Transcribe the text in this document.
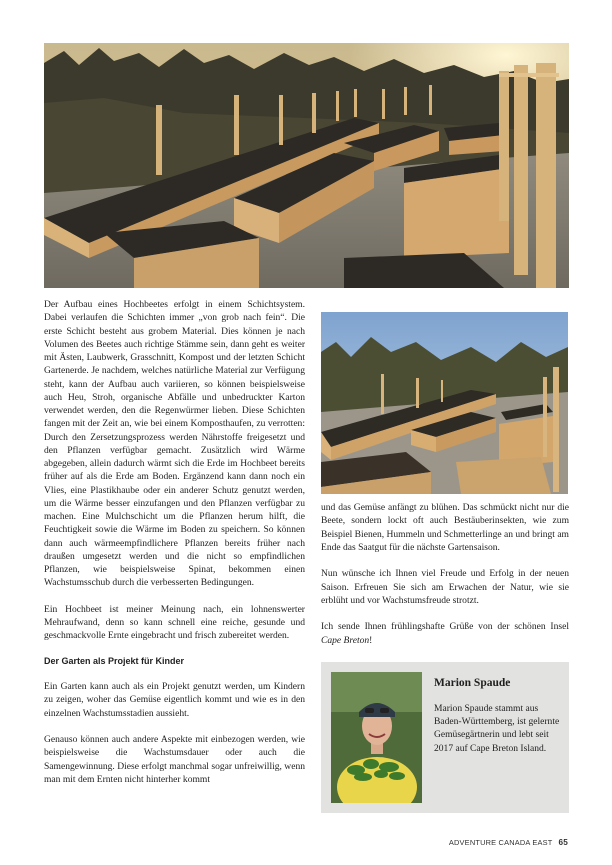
Der Aufbau eines Hochbeetes erfolgt in einem Schichtsystem. Dabei verlaufen die Schichten immer „von grob nach fein“. Die erste Schicht besteht aus grobem Material. Dies können je nach Volumen des Beetes auch richtige Stämme sein, dann geht es weiter mit Ästen, Laubwerk, Grasschnitt, Kompost und der letzten Schicht Gartenerde. Je nachdem, welches natürliche Material zur Verfügung steht, kann der Aufbau auch variieren, so können beispielsweise auch Heu, Stroh, organische Abfälle und unbedruckter Karton verwendet werden, den die Regenwürmer lieben. Diese Schichten fangen mit der Zeit an, wie bei einem Komposthaufen, zu verrotten: Durch den Zersetzungsprozess werden Nährstoffe freigesetzt und den Pflanzen verfügbar gemacht. Zusätzlich wird Wärme abgegeben, allein dadurch wärmt sich die Erde im Hochbeet bereits früher auf als die Erde am Boden. Ergänzend kann dann noch ein Vlies, eine Plastikhaube oder ein anderer Schutz genutzt werden, um die Wärme besser einzufangen und den Pflanzen verfügbar zu machen. Eine Mulchschicht um die Pflanzen herum hilft, die Feuchtigkeit sowie die Wärme im Boden zu speichern. So können dann auch wärmeempfindlichere Pflanzen bereits früher nach draußen umgesetzt werden und die nicht so empfindlichen Pflanzen, wie beispielsweise Spinat, bekommen einen Wachstumsschub durch die verbesserten Bedingungen.

Ein Hochbeet ist meiner Meinung nach, ein lohnenswerter Mehraufwand, denn so kann schnell eine reiche, gesunde und geschmackvolle Ernte eingebracht und frisch zubereitet werden.

Der Garten als Projekt für Kinder

Ein Garten kann auch als ein Projekt genutzt werden, um Kindern zu zeigen, woher das Gemüse eigentlich kommt und wie es in den einzelnen Wachstumsstadien aussieht.

Genauso können auch andere Aspekte mit einbezogen werden, wie beispielsweise die Wachstumsdauer oder auch die Samengewinnung. Diese erfolgt manchmal sogar unfreiwillig, wenn man mit dem Ernten nicht hinterher kommt

und das Gemüse anfängt zu blühen. Das schmückt nicht nur die Beete, sondern lockt oft auch Bestäuberinsekten, wie zum Beispiel Bienen, Hummeln und Schmetterlinge an und bringt am Ende das Saatgut für die nächste Gartensaison.

Nun wünsche ich Ihnen viel Freude und Erfolg in der neuen Saison. Erfreuen Sie sich am Erwachen der Natur, wie sie erblüht und vor Wachstumsfreude strotzt.

Ich sende Ihnen frühlingshafte Grüße von der schönen Insel Cape Breton!

Marion Spaude
Marion Spaude stammt aus Baden-Württemberg, ist gelernte Gemüsegärtnerin und lebt seit 2017 auf Cape Breton Island.
ADVENTURE CANADA EAST 65
